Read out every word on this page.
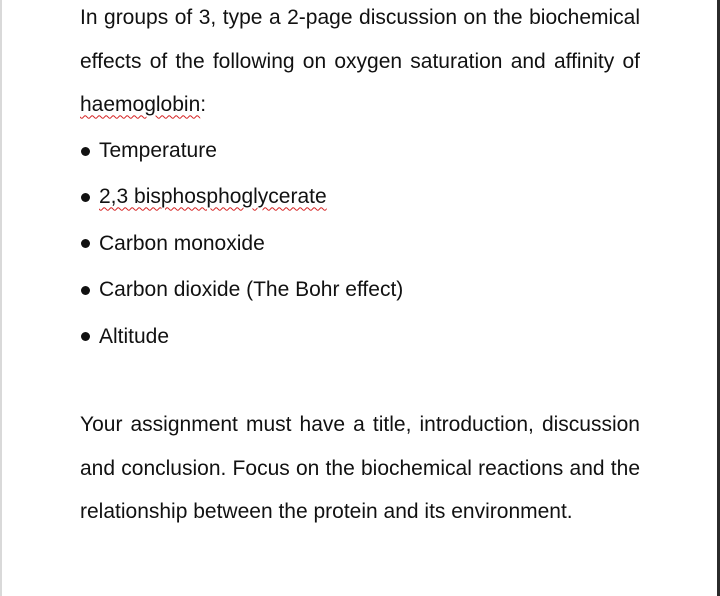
In groups of 3, type a 2-page discussion on the biochemical effects of the following on oxygen saturation and affinity of haemoglobin:

Temperature
2,3 bisphosphoglycerate
Carbon monoxide
Carbon dioxide (The Bohr effect)
Altitude

Your assignment must have a title, introduction, discussion and conclusion. Focus on the biochemical reactions and the relationship between the protein and its environment.
